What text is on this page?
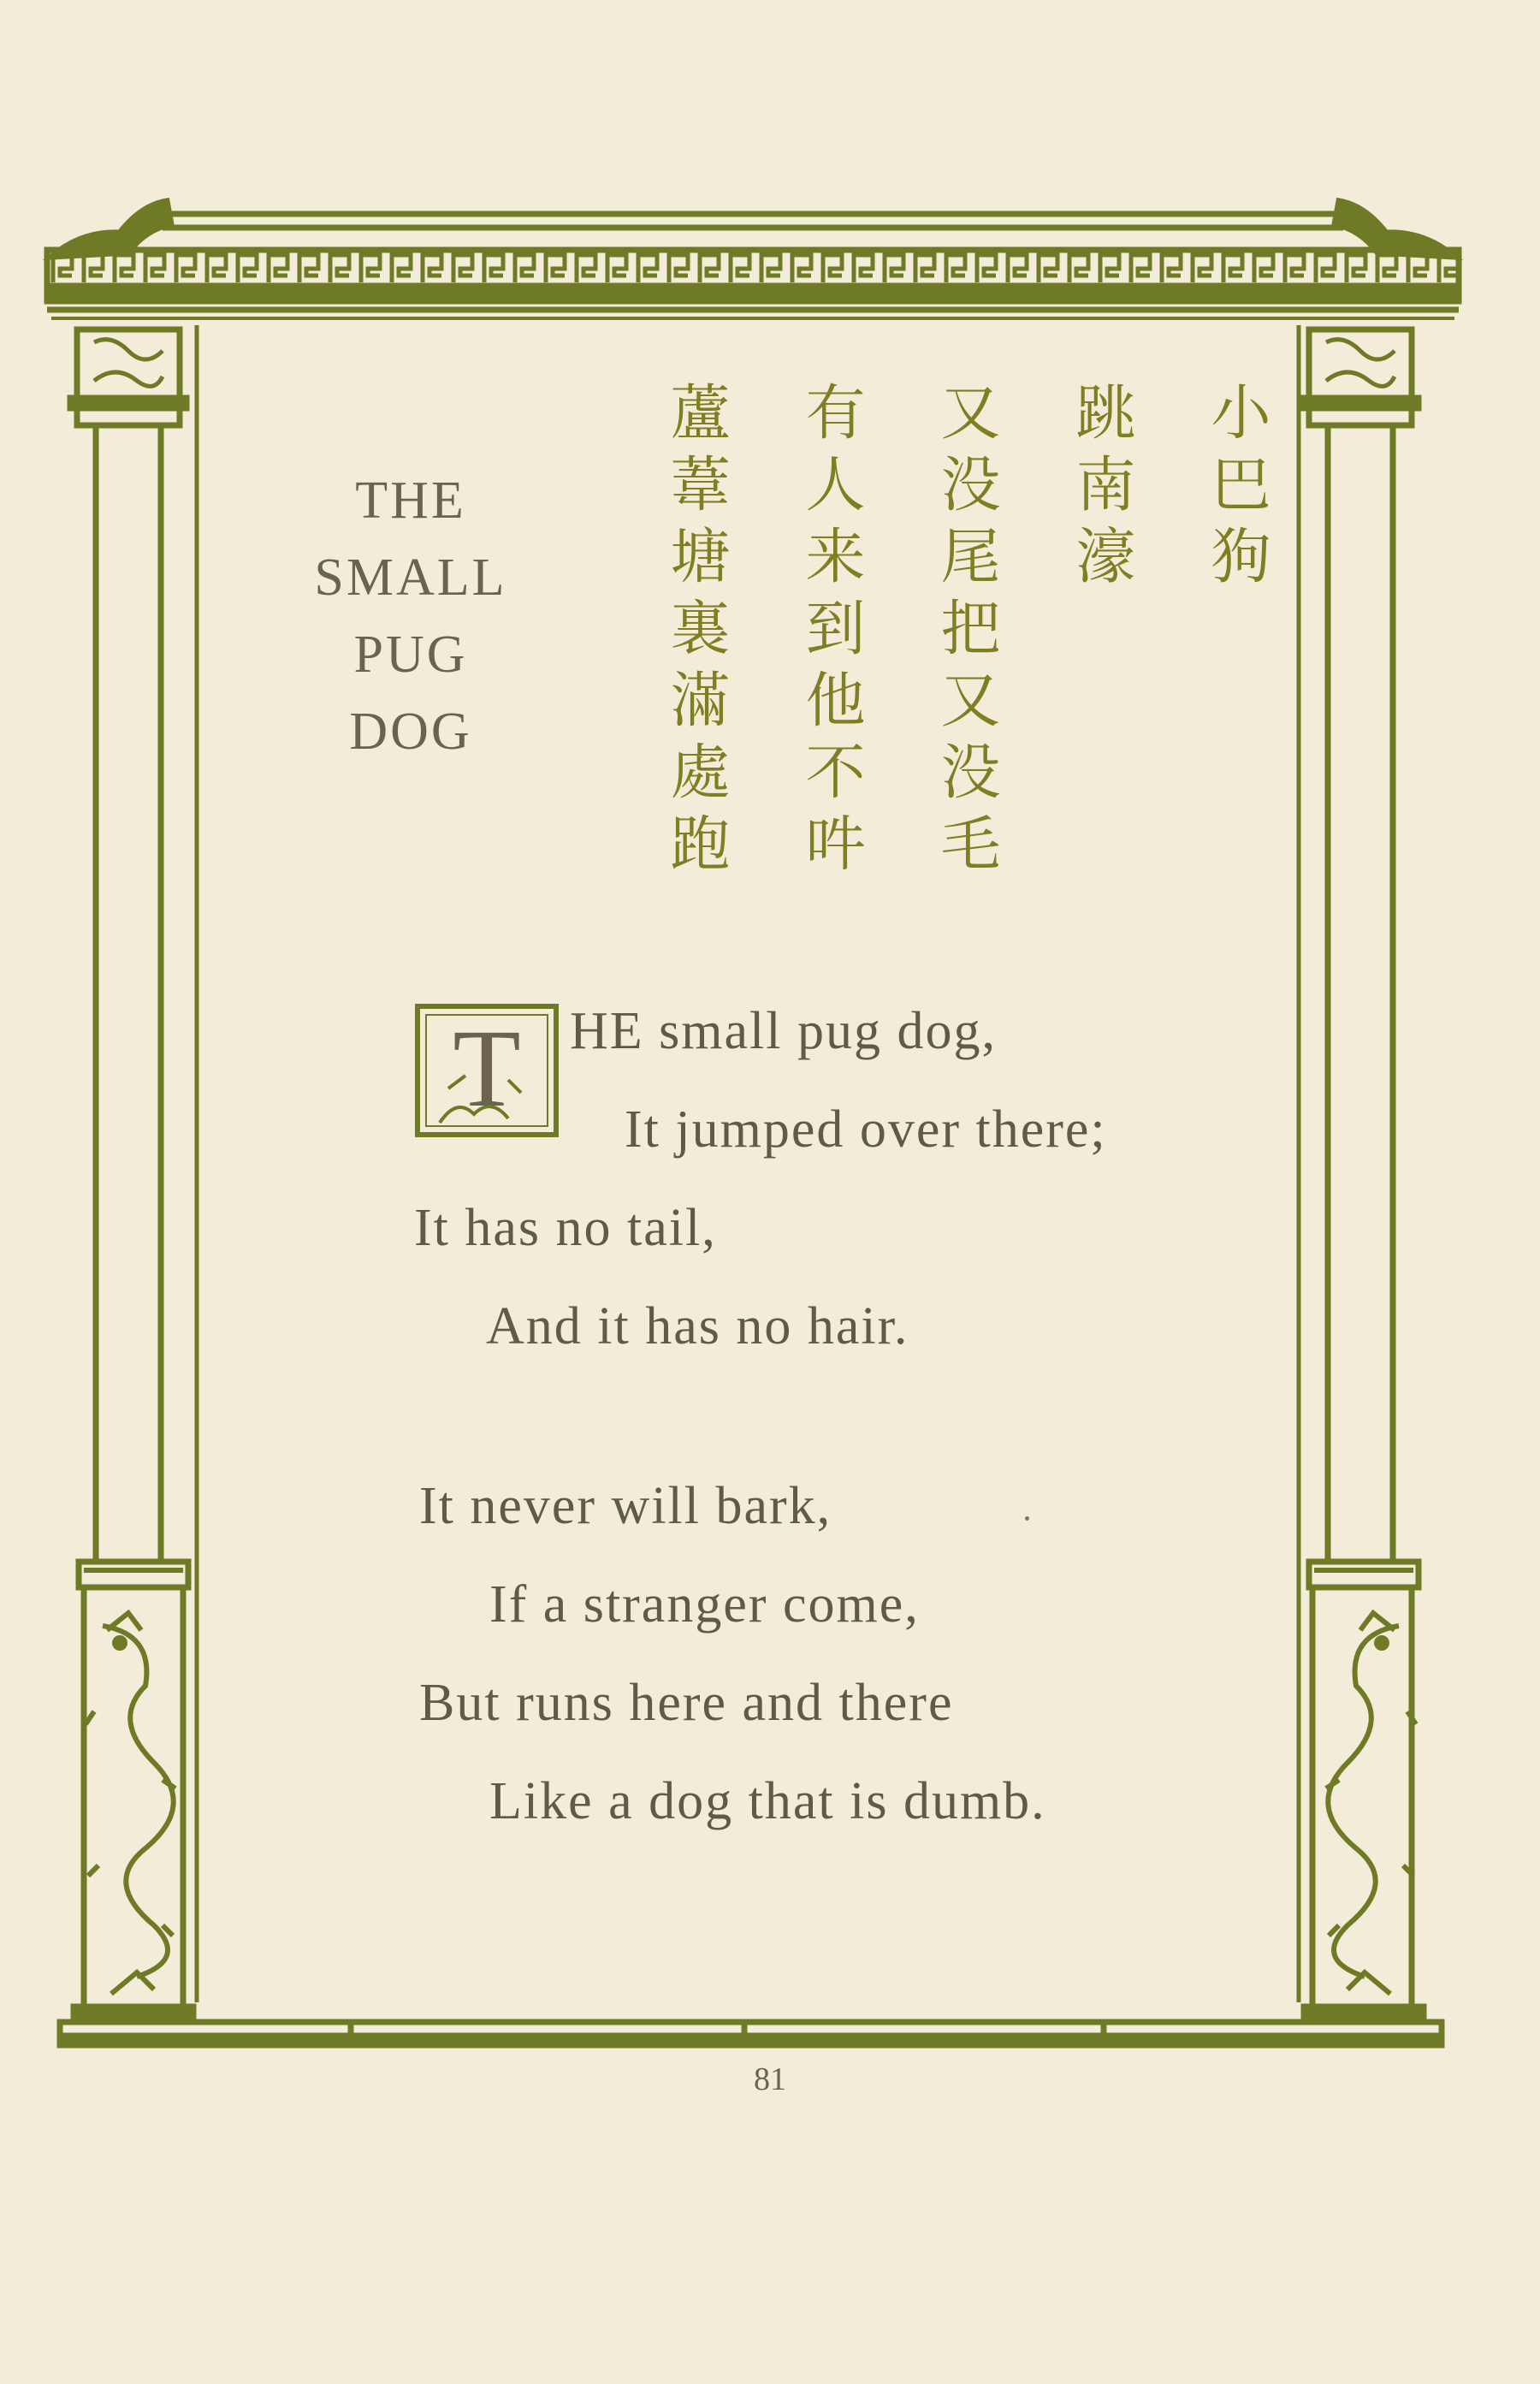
THE
SMALL
PUG
DOG
小巴狗
跳南濠
又没尾把又没毛
有人来到他不吽
蘆葦塘裏滿處跑
T HE small pug dog,
It jumped over there;
It has no tail,
And it has no hair.
It never will bark,
If a stranger come,
But runs here and there
Like a dog that is dumb.
81
